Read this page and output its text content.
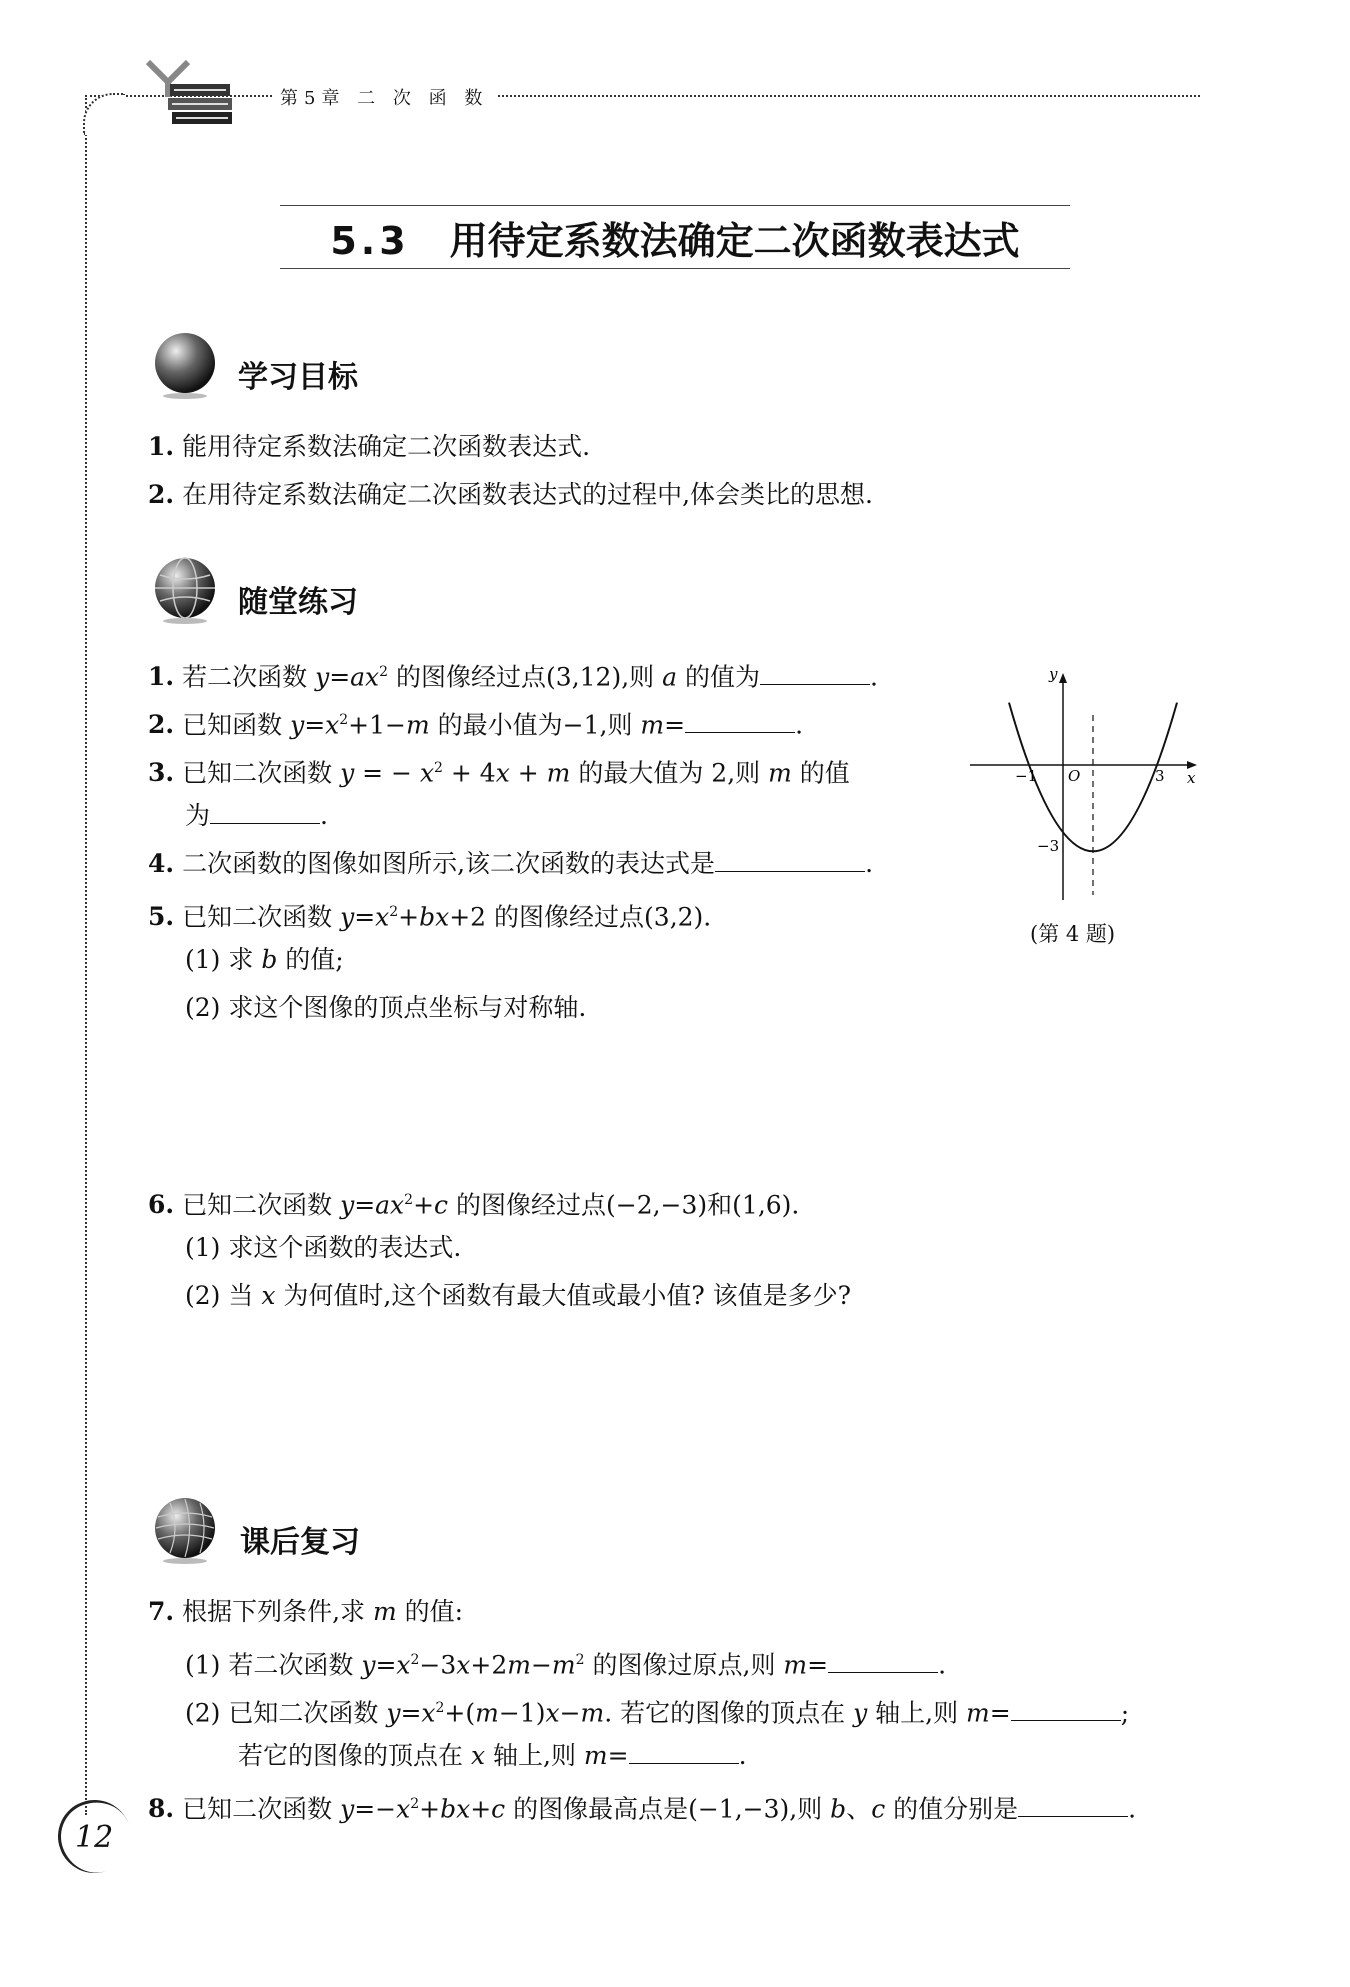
第5章 二 次 函 数
5.3 用待定系数法确定二次函数表达式
学习目标
1. 能用待定系数法确定二次函数表达式.
2. 在用待定系数法确定二次函数表达式的过程中,体会类比的思想.
随堂练习
1. 若二次函数 $y=ax^2$ 的图像经过点(3,12),则 a 的值为	.
2. 已知函数 $y=x^2+1-m$ 的最小值为−1,则 m=	.
3. 已知二次函数 y = − $x^2 + 4x + m$ 的最大值为 2,则 m 的值
为	.
4. 二次函数的图像如图所示,该二次函数的表达式是	.
5. 已知二次函数 $y=x^2+bx+2$ 的图像经过点(3,2).
(1) 求 b 的值;
(2) 求这个图像的顶点坐标与对称轴.
y
x
O
−1	3
−3
(第 4 题)
6. 已知二次函数 $y=ax^2+c$ 的图像经过点(−2,−3)和(1,6).
(1) 求这个函数的表达式.
(2) 当 x 为何值时,这个函数有最大值或最小值? 该值是多少?
课后复习
7. 根据下列条件,求 m 的值:
(1) 若二次函数 $y=x^2-3x+2m-m^2$ 的图像过原点,则 m=	.
(2) 已知二次函数 $y=x^2+(m-1)x-m$. 若它的图像的顶点在 y 轴上,则 m=	;
若它的图像的顶点在 x 轴上,则 m=	.
8. 已知二次函数 $y=-x^2+bx+c$ 的图像最高点是(−1,−3),则 b、c 的值分别是	.
12
